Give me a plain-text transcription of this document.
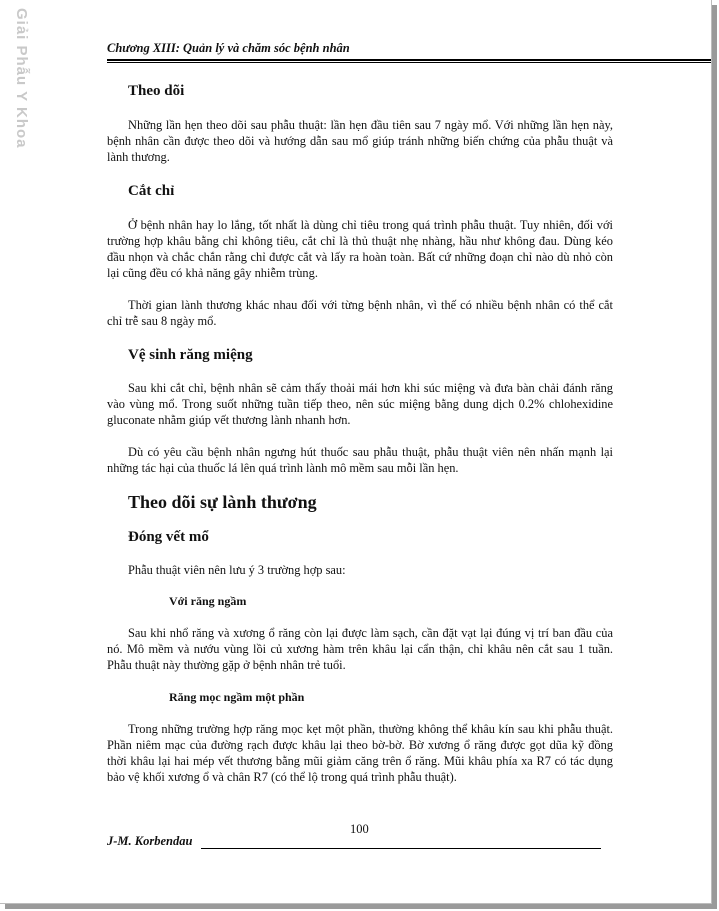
Giải Phẫu Y Khoa	Chương XIII: Quản lý và chăm sóc bệnh nhân
Theo dõi

Những lần hẹn theo dõi sau phẫu thuật: lần hẹn đầu tiên sau 7 ngày mổ. Với những lần hẹn này, bệnh nhân cần được theo dõi và hướng dẫn sau mổ giúp tránh những biến chứng của phẫu thuật và lành thương.

Cắt chỉ

Ở bệnh nhân hay lo lắng, tốt nhất là dùng chỉ tiêu trong quá trình phẫu thuật. Tuy nhiên, đối với trường hợp khâu bằng chỉ không tiêu, cắt chỉ là thủ thuật nhẹ nhàng, hầu như không đau. Dùng kéo đầu nhọn và chắc chắn rằng chỉ được cắt và lấy ra hoàn toàn. Bất cứ những đoạn chỉ nào dù nhỏ còn lại cũng đều có khả năng gây nhiễm trùng.

Thời gian lành thương khác nhau đối với từng bệnh nhân, vì thế có nhiều bệnh nhân có thể cắt chỉ trễ sau 8 ngày mổ.

Vệ sinh răng miệng

Sau khi cắt chỉ, bệnh nhân sẽ cảm thấy thoải mái hơn khi súc miệng và đưa bàn chải đánh răng vào vùng mổ. Trong suốt những tuần tiếp theo, nên súc miệng bằng dung dịch 0.2% chlohexidine gluconate nhằm giúp vết thương lành nhanh hơn.

Dù có yêu cầu bệnh nhân ngưng hút thuốc sau phẫu thuật, phẫu thuật viên nên nhấn mạnh lại những tác hại của thuốc lá lên quá trình lành mô mềm sau mỗi lần hẹn.

Theo dõi sự lành thương
Đóng vết mổ

Phẫu thuật viên nên lưu ý 3 trường hợp sau:

Với răng ngầm

Sau khi nhổ răng và xương ổ răng còn lại được làm sạch, cần đặt vạt lại đúng vị trí ban đầu của nó. Mô mềm và nướu vùng lồi củ xương hàm trên khâu lại cẩn thận, chỉ khâu nên cắt sau 1 tuần. Phẫu thuật này thường gặp ở bệnh nhân trẻ tuổi.

Răng mọc ngầm một phần

Trong những trường hợp răng mọc kẹt một phần, thường không thể khâu kín sau khi phẫu thuật. Phần niêm mạc của đường rạch được khâu lại theo bờ-bờ. Bờ xương ổ răng được gọt dũa kỹ đồng thời khâu lại hai mép vết thương bằng mũi giảm căng trên ổ răng. Mũi khâu phía xa R7 có tác dụng bảo vệ khối xương ổ và chân R7 (có thể lộ trong quá trình phẫu thuật).

100
J-M. Korbendau
